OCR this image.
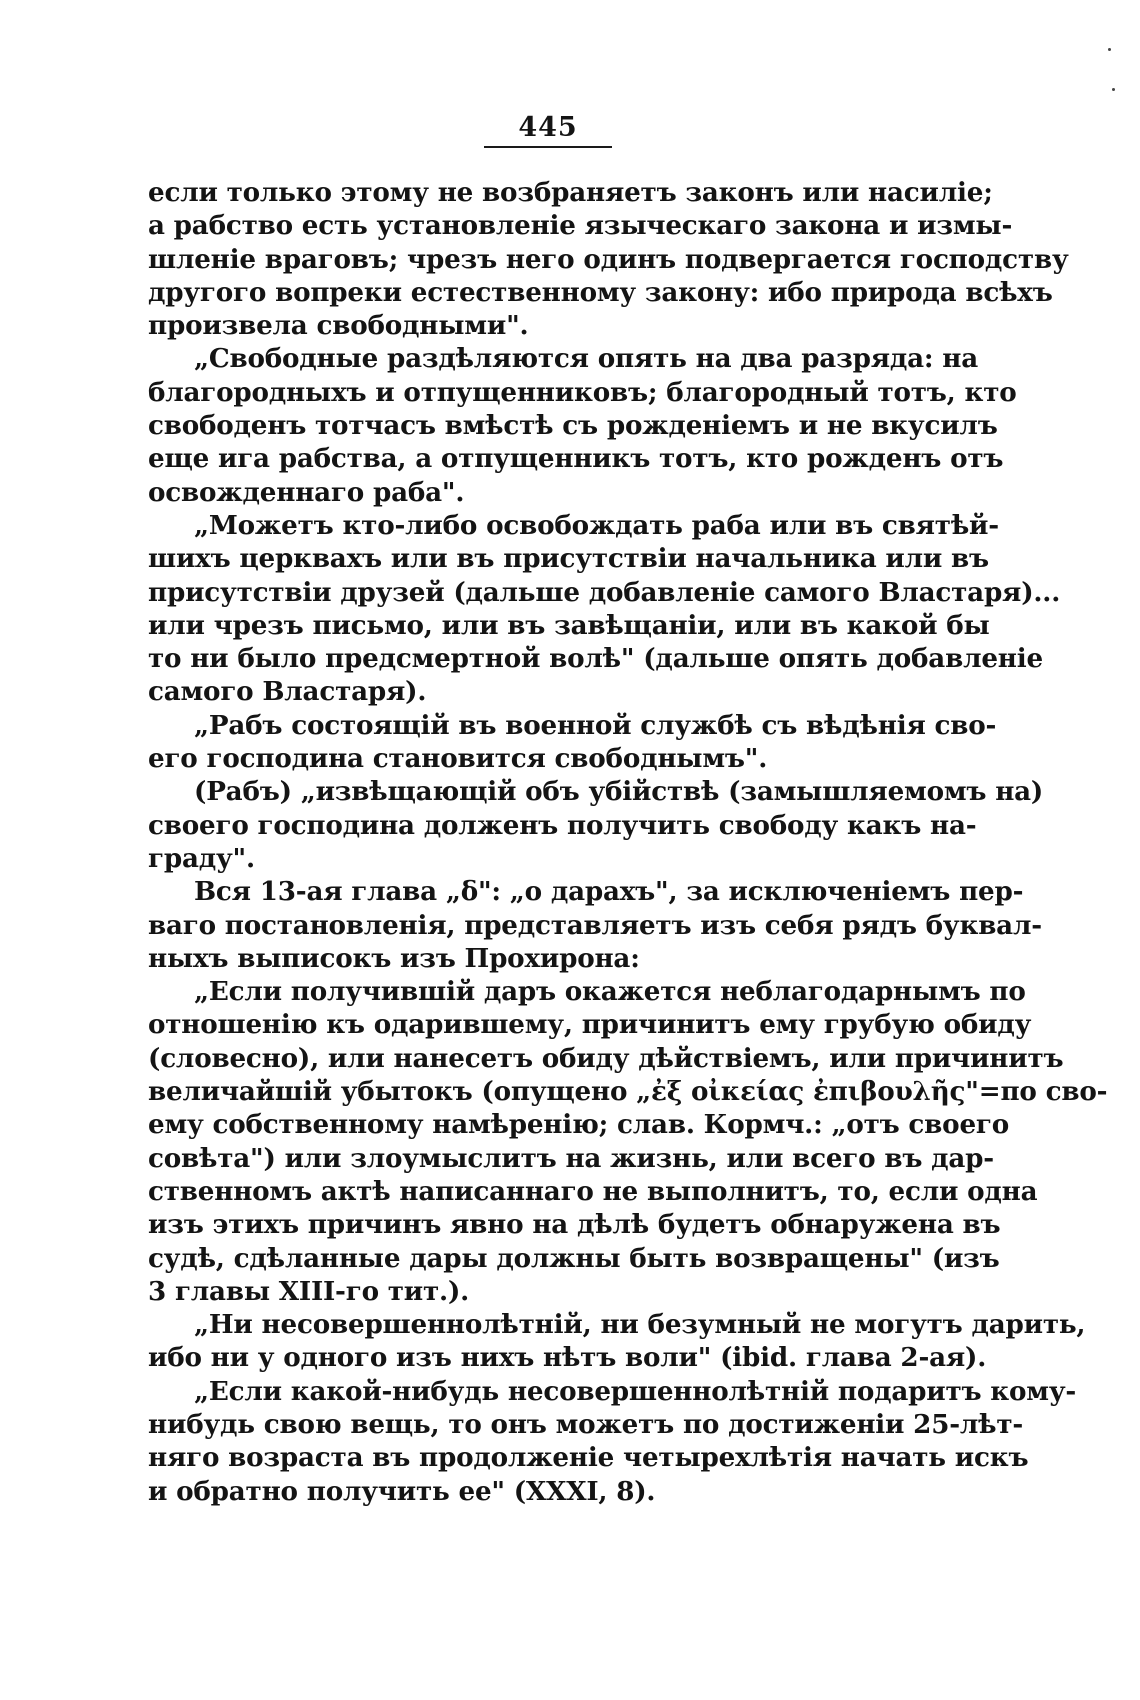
445
если только этому не возбраняетъ законъ или насиліе;
а рабство есть установленіе языческаго закона и измы-
шленіе враговъ; чрезъ него одинъ подвергается господству
другого вопреки естественному закону: ибо природа всѣхъ
произвела свободными".
„Свободные раздѣляются опять на два разряда: на
благородныхъ и отпущенниковъ; благородный тотъ, кто
свободенъ тотчасъ вмѣстѣ съ рожденіемъ и не вкусилъ
еще ига рабства, а отпущенникъ тотъ, кто рожденъ отъ
освожденнаго раба".
„Можетъ кто-либо освобождать раба или въ святѣй-
шихъ церквахъ или въ присутствіи начальника или въ
присутствіи друзей (дальше добавленіе самого Властаря)...
или чрезъ письмо, или въ завѣщаніи, или въ какой бы
то ни было предсмертной волѣ" (дальше опять добавленіе
самого Властаря).
„Рабъ состоящій въ военной службѣ съ вѣдѣнія сво-
его господина становится свободнымъ".
(Рабъ) „извѣщающій объ убійствѣ (замышляемомъ на)
своего господина долженъ получить свободу какъ на-
граду".
Вся 13-ая глава „δ": „о дарахъ", за исключеніемъ пер-
ваго постановленія, представляетъ изъ себя рядъ буквал-
ныхъ выписокъ изъ Прохирона:
„Если получившій даръ окажется неблагодарнымъ по
отношенію къ одарившему, причинитъ ему грубую обиду
(словесно), или нанесетъ обиду дѣйствіемъ, или причинитъ
величайшій убытокъ (опущено „ἐξ οἰκείας ἐπιβουλῆς"=по сво-
ему собственному намѣренію; слав. Кормч.: „отъ своего
совѣта") или злоумыслитъ на жизнь, или всего въ дар-
ственномъ актѣ написаннаго не выполнитъ, то, если одна
изъ этихъ причинъ явно на дѣлѣ будетъ обнаружена въ
судѣ, сдѣланные дары должны быть возвращены" (изъ
3 главы XIII-го тит.).
„Ни несовершеннолѣтній, ни безумный не могутъ дарить,
ибо ни у одного изъ нихъ нѣтъ воли" (ibid. глава 2-ая).
„Если какой-нибудь несовершеннолѣтній подаритъ кому-
нибудь свою вещь, то онъ можетъ по достиженіи 25-лѣт-
няго возраста въ продолженіе четырехлѣтія начать искъ
и обратно получить ее" (XXXI, 8).
